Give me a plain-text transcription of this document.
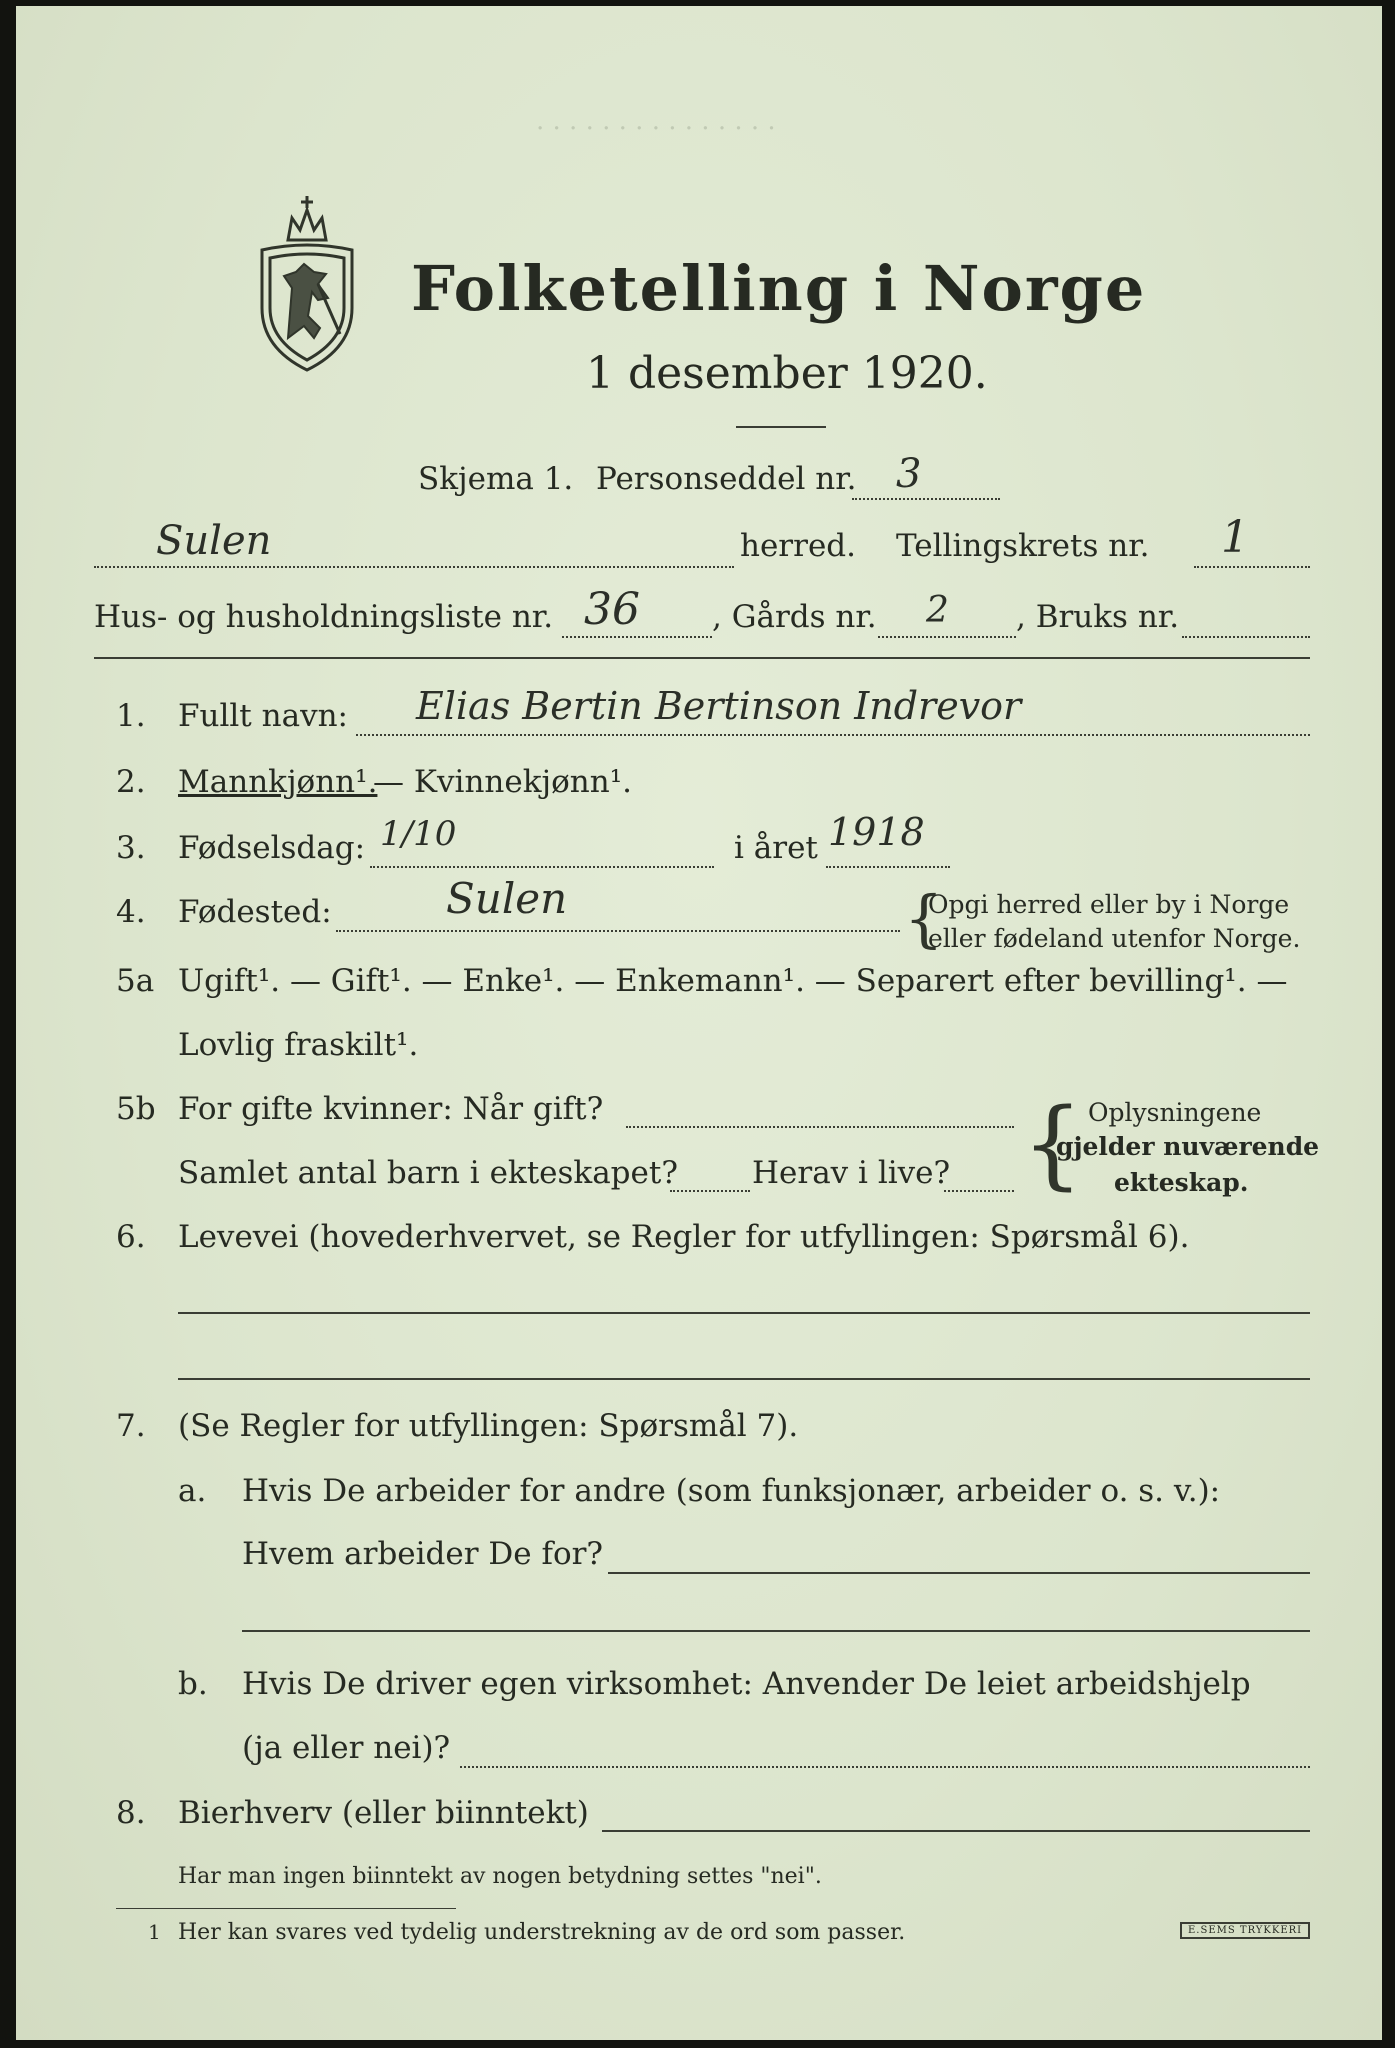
. . . . . . . . . . . . . . .
Folketelling i Norge
1 desember 1920.
Skjema 1. Personseddel nr. 3
Sulen	herred. Tellingskrets nr. 1
Hus- og husholdningsliste nr. 36 , Gårds nr. 2 , Bruks nr.
1. Fullt navn: Elias Bertin Bertinson Indrevor
2. Mannkjønn¹.
— Kvinnekjønn¹.
3. Fødselsdag: 1/10	i året 1918
4. Fødested:	Sulen	{
Opgi herred eller by i Norge
eller fødeland utenfor Norge.
5a Ugift¹. — Gift¹. — Enke¹. — Enkemann¹. — Separert efter bevilling¹. —
Lovlig fraskilt¹.
5b For gifte kvinner: Når gift?
Samlet antal barn i ekteskapet? Herav i live? { Oplysningene
gjelder nuværende
ekteskap.
6. Levevei (hovederhvervet, se Regler for utfyllingen: Spørsmål 6).
7. (Se Regler for utfyllingen: Spørsmål 7).
a. Hvis De arbeider for andre (som funksjonær, arbeider o. s. v.):
Hvem arbeider De for?
b. Hvis De driver egen virksomhet: Anvender De leiet arbeidshjelp
(ja eller nei)?
8. Bierhverv (eller biinntekt)
Har man ingen biinntekt av nogen betydning settes "nei".
1 Her kan svares ved tydelig understrekning av de ord som passer.	E.SEMS TRYKKERI
